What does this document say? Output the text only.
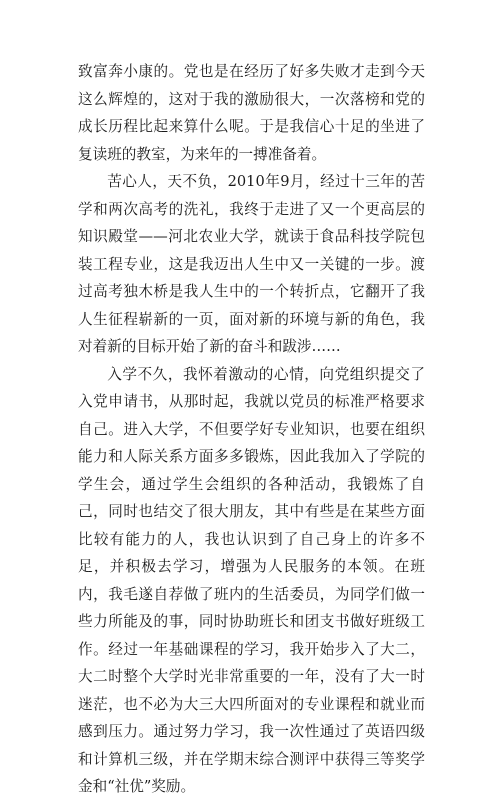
致富奔小康的。党也是在经历了好多失败才走到今天这么辉煌的，这对于我的激励很大，一次落榜和党的成长历程比起来算什么呢。于是我信心十足的坐进了复读班的教室，为来年的一搏准备着。

苦心人，天不负，2010年9月，经过十三年的苦学和两次高考的洗礼，我终于走进了又一个更高层的知识殿堂——河北农业大学，就读于食品科技学院包装工程专业，这是我迈出人生中又一关键的一步。渡过高考独木桥是我人生中的一个转折点，它翻开了我人生征程崭新的一页，面对新的环境与新的角色，我对着新的目标开始了新的奋斗和跋涉……

入学不久，我怀着激动的心情，向党组织提交了入党申请书，从那时起，我就以党员的标准严格要求自己。进入大学，不但要学好专业知识，也要在组织能力和人际关系方面多多锻炼，因此我加入了学院的学生会，通过学生会组织的各种活动，我锻炼了自己，同时也结交了很大朋友，其中有些是在某些方面比较有能力的人，我也认识到了自己身上的许多不足，并积极去学习，增强为人民服务的本领。在班内，我毛遂自荐做了班内的生活委员，为同学们做一些力所能及的事，同时协助班长和团支书做好班级工作。经过一年基础课程的学习，我开始步入了大二，大二时整个大学时光非常重要的一年，没有了大一时迷茫，也不必为大三大四所面对的专业课程和就业而感到压力。通过努力学习，我一次性通过了英语四级和计算机三级，并在学期末综合测评中获得三等奖学金和“社优”奖励。
